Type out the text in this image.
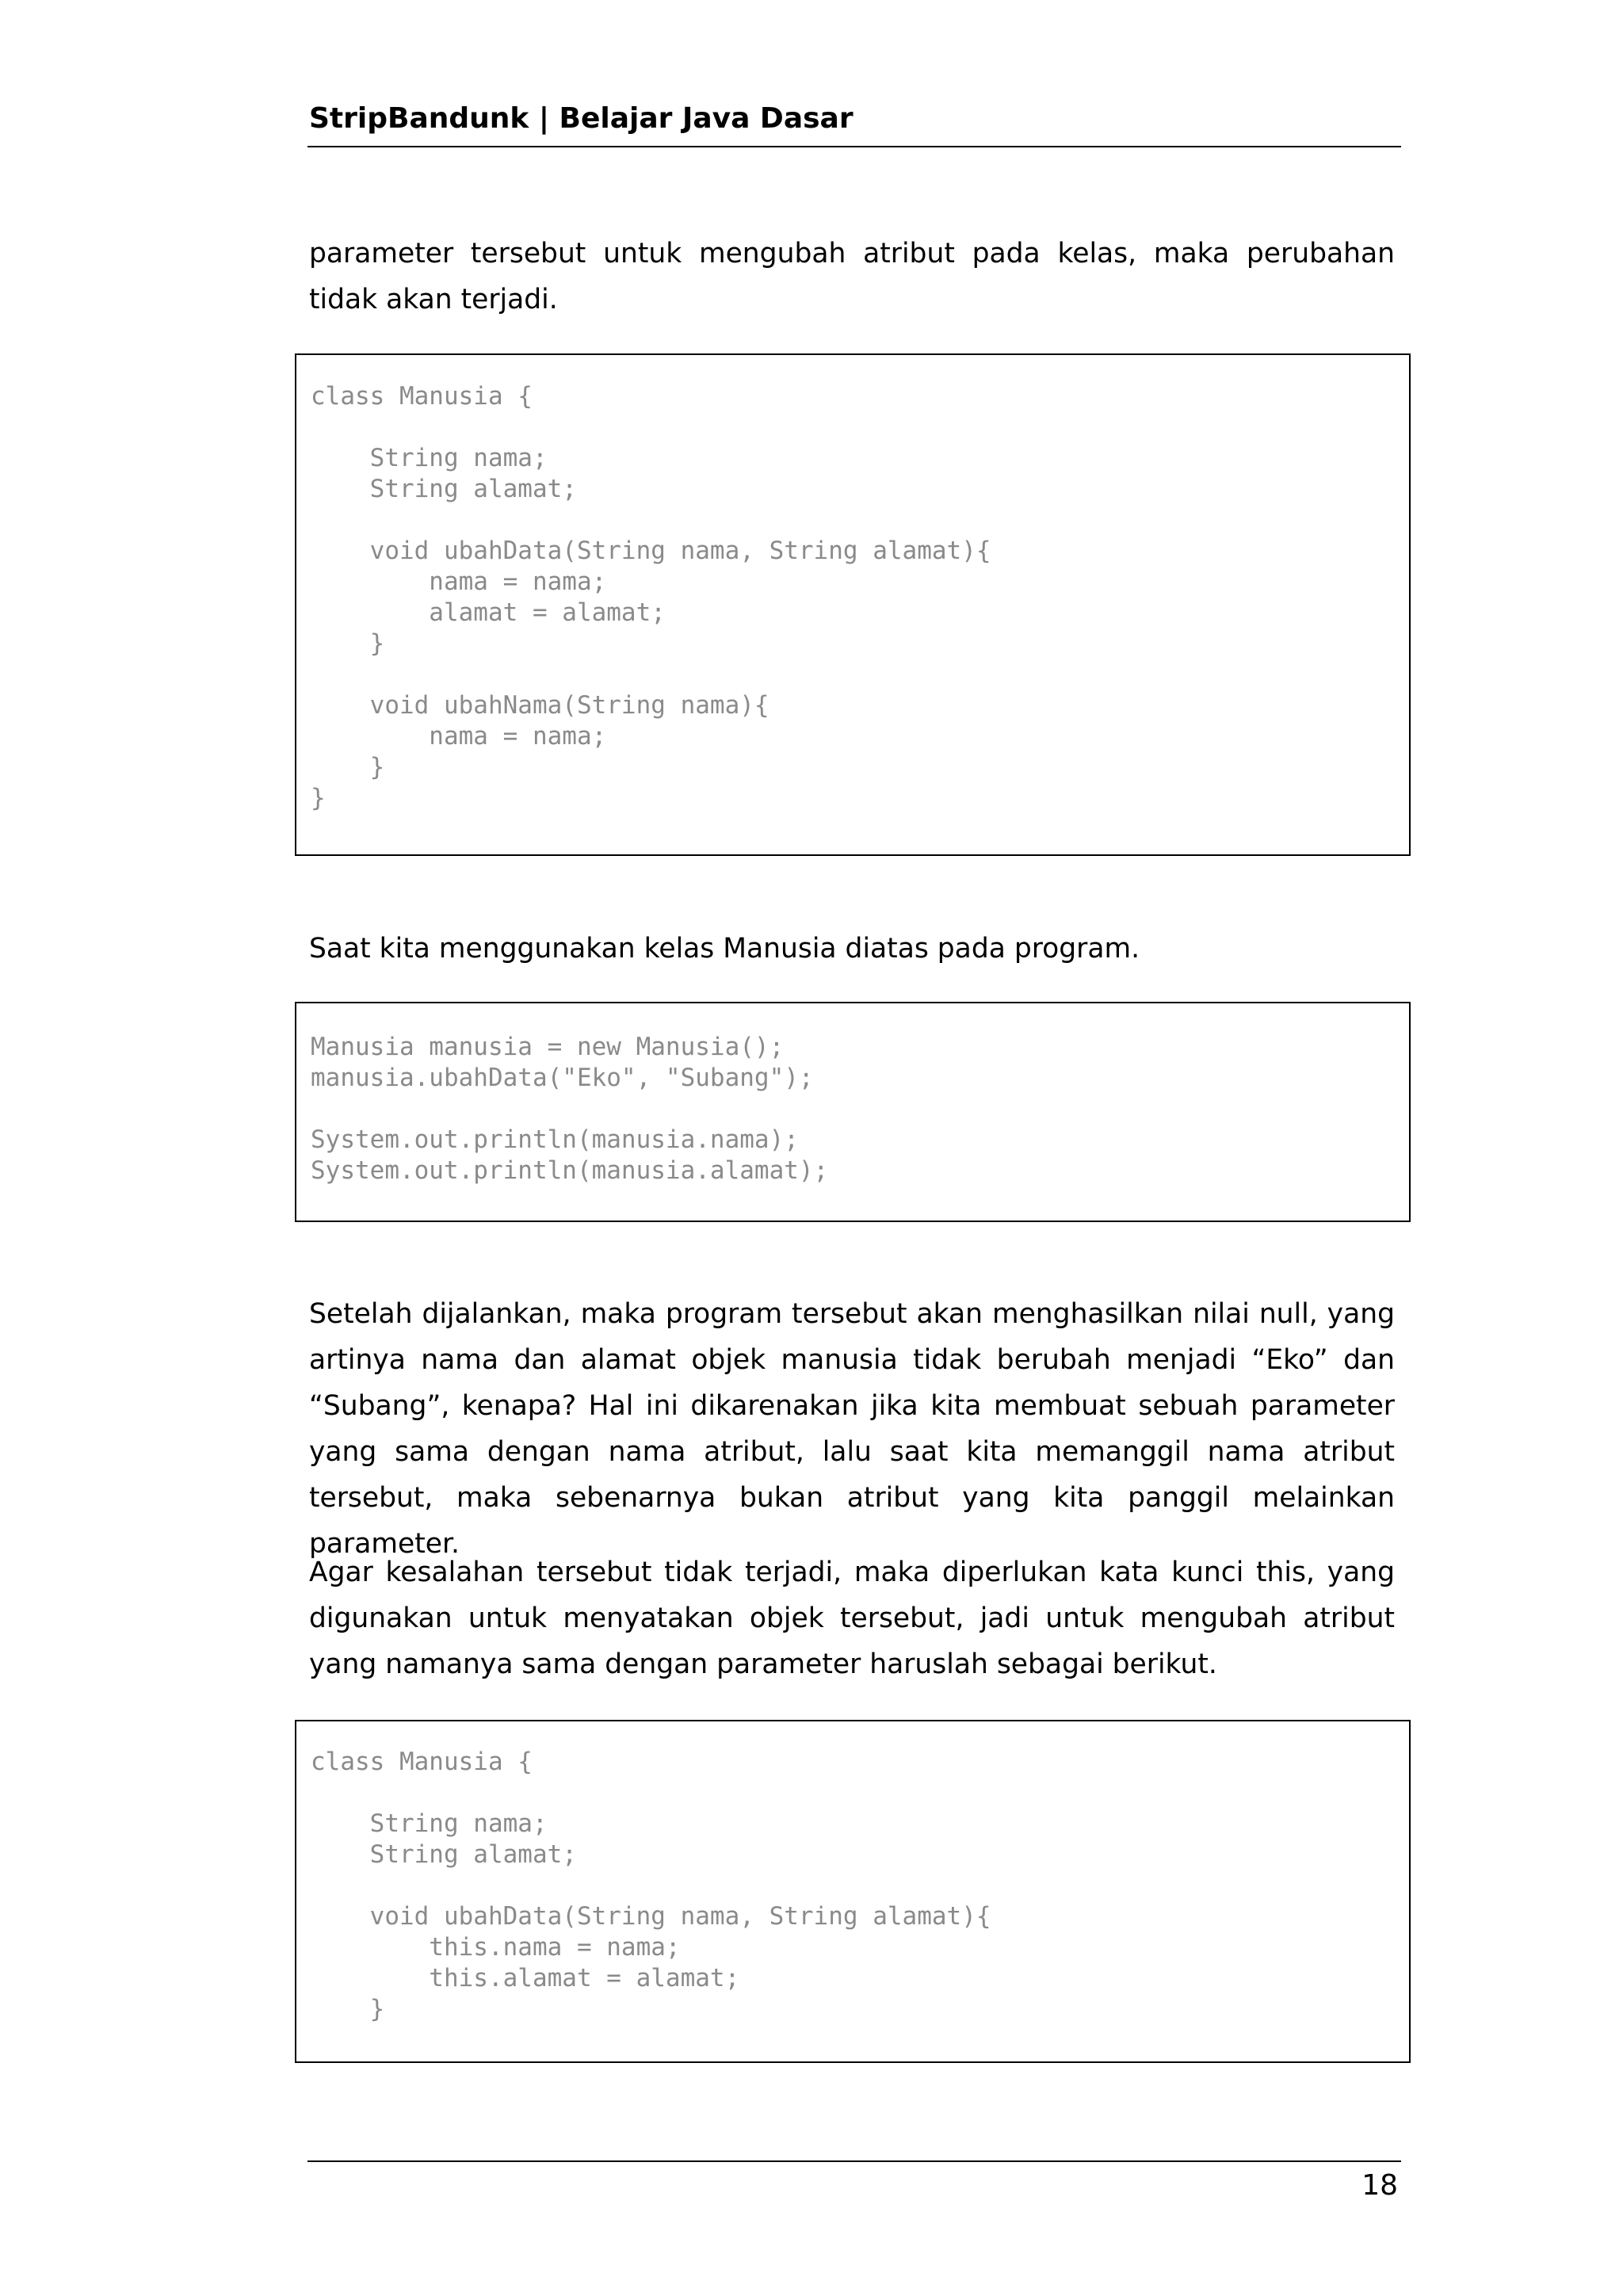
StripBandunk | Belajar Java Dasar

parameter tersebut untuk mengubah atribut pada kelas, maka perubahan tidak akan terjadi.

class Manusia {
String nama;
String alamat;
void ubahData(String nama, String alamat){
nama = nama;
alamat = alamat;
}
void ubahNama(String nama){
nama = nama;
}
}

Saat kita menggunakan kelas Manusia diatas pada program.

Manusia manusia = new Manusia();
manusia.ubahData("Eko", "Subang");
System.out.println(manusia.nama);
System.out.println(manusia.alamat);

Setelah dijalankan, maka program tersebut akan menghasilkan nilai null, yang artinya nama dan alamat objek manusia tidak berubah menjadi “Eko” dan “Subang”, kenapa? Hal ini dikarenakan jika kita membuat sebuah parameter yang sama dengan nama atribut, lalu saat kita memanggil nama atribut tersebut, maka sebenarnya bukan atribut yang kita panggil melainkan parameter.

Agar kesalahan tersebut tidak terjadi, maka diperlukan kata kunci this, yang digunakan untuk menyatakan objek tersebut, jadi untuk mengubah atribut yang namanya sama dengan parameter haruslah sebagai berikut.

class Manusia {
String nama;
String alamat;
void ubahData(String nama, String alamat){
this.nama = nama;
this.alamat = alamat;
}
18
